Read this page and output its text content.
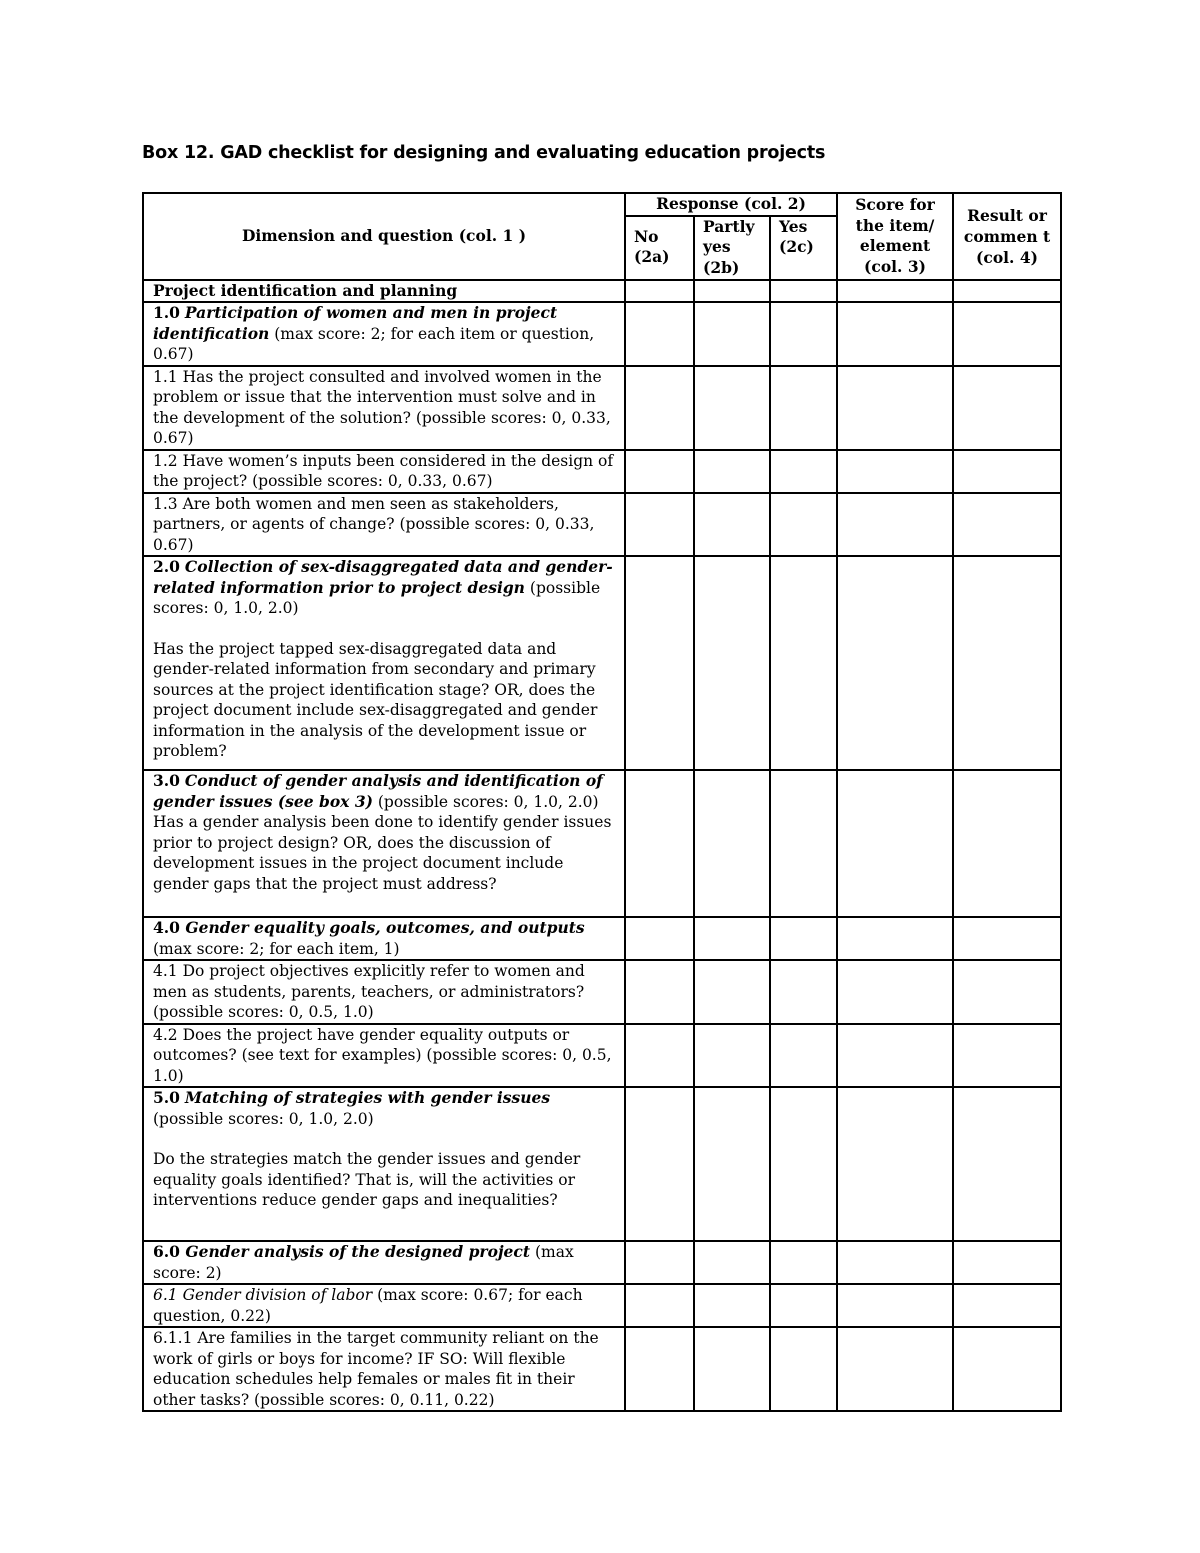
Box 12. GAD checklist for designing and evaluating education projects
Dimension and question (col. 1 )	Response (col. 2)			Score for the item/ element (col. 3)	Result or commen t (col. 4)
	No (2a)	Partly yes (2b)	Yes (2c)		
Project identification and planning					
1.0 Participation of women and men in project identification (max score: 2; for each item or question, 0.67)					
1.1 Has the project consulted and involved women in the problem or issue that the intervention must solve and in the development of the solution? (possible scores: 0, 0.33, 0.67)					
1.2 Have women’s inputs been considered in the design of the project? (possible scores: 0, 0.33, 0.67)					
1.3 Are both women and men seen as stakeholders, partners, or agents of change? (possible scores: 0, 0.33, 0.67)					
2.0 Collection of sex-disaggregated data and gender- related information prior to project design (possible scores: 0, 1.0, 2.0)
Has the project tapped sex-disaggregated data and gender-related information from secondary and primary sources at the project identification stage? OR, does the project document include sex-disaggregated and gender information in the analysis of the development issue or problem?					
3.0 Conduct of gender analysis and identification of gender issues (see box 3) (possible scores: 0, 1.0, 2.0) Has a gender analysis been done to identify gender issues prior to project design? OR, does the discussion of development issues in the project document include gender gaps that the project must address?					
4.0 Gender equality goals, outcomes, and outputs (max score: 2; for each item, 1)					
4.1 Do project objectives explicitly refer to women and men as students, parents, teachers, or administrators? (possible scores: 0, 0.5, 1.0)					
4.2 Does the project have gender equality outputs or outcomes? (see text for examples) (possible scores: 0, 0.5, 1.0)					
5.0 Matching of strategies with gender issues (possible scores: 0, 1.0, 2.0)
Do the strategies match the gender issues and gender equality goals identified? That is, will the activities or interventions reduce gender gaps and inequalities?					
6.0 Gender analysis of the designed project (max score: 2)					
6.1 Gender division of labor (max score: 0.67; for each question, 0.22)					
6.1.1 Are families in the target community reliant on the work of girls or boys for income? IF SO: Will flexible education schedules help females or males fit in their other tasks? (possible scores: 0, 0.11, 0.22)					
